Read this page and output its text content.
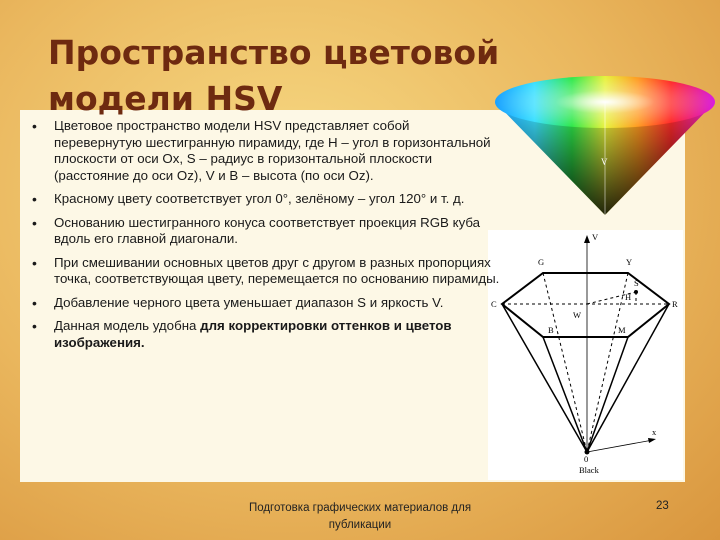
Пространство цветовой модели HSV
V
V
G	Y
C	R
S
H
W
B	M
0
Black
x
• Цветовое пространство модели HSV представляет собой перевернутую шестигранную пирамиду, где H – угол в горизонтальной плоскости от оси Ox, S – радиус в горизонтальной плоскости (расстояние до оси Oz), V и B – высота (по оси Oz).
• Красному цвету соответствует угол 0°, зелёному – угол 120° и т. д.
• Основанию шестигранного конуса соответствует проекция RGB куба вдоль его главной диагонали.
• При смешивании основных цветов друг с другом в разных пропорциях точка, соответствующая цвету, перемещается по основанию пирамиды.
• Добавление черного цвета уменьшает диапазон S и яркость V.
• Данная модель удобна для корректировки оттенков и цветов изображения.
Подготовка графических материалов для публикации
23
